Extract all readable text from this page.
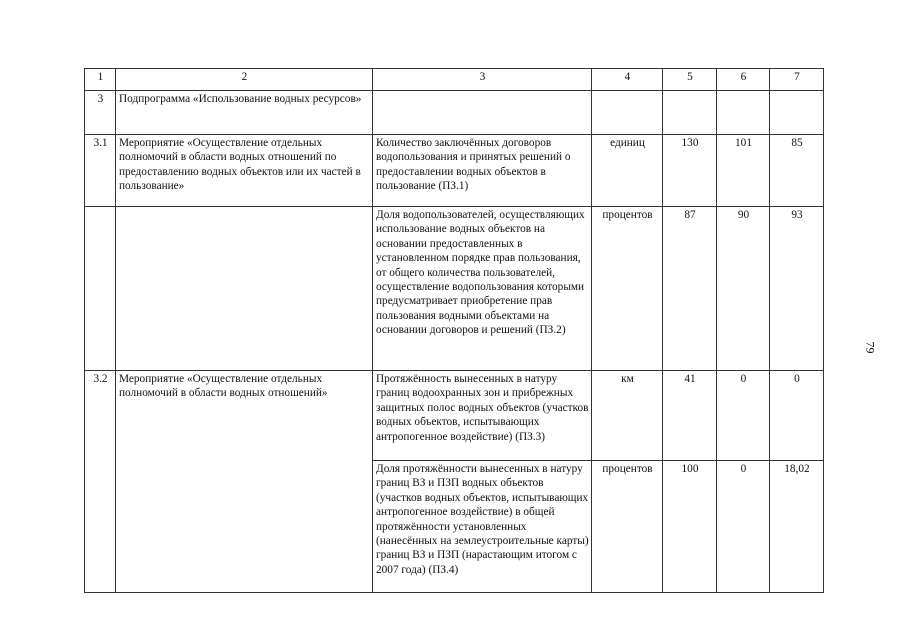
1	2	3	4	5	6	7
3	Подпрограмма «Использование водных ресурсов»					
3.1	Мероприятие «Осуществление отдельных полномочий в области водных отношений по предоставлению водных объектов или их частей в пользование»	Количество заключённых договоров водопользования и принятых решений о предоставлении водных объектов в пользование (ПЗ.1)	единиц	130	101	85
		Доля водопользователей, осуществляющих использование водных объектов на основании предоставленных в установленном порядке прав пользования, от общего количества пользователей, осуществление водопользования которыми предусматривает приобретение прав пользования водными объектами на основании договоров и решений (ПЗ.2)	процентов	87	90	93
3.2	Мероприятие «Осуществление отдельных полномочий в области водных отношений»	Протяжённость вынесенных в натуру границ водоохранных зон и прибрежных защитных полос водных объектов (участков водных объектов, испытывающих антропогенное воздействие) (ПЗ.3)	км	41	0	0
		Доля протяжённости вынесенных в натуру границ ВЗ и ПЗП водных объектов (участков водных объектов, испытывающих антропогенное воздействие) в общей протяжённости установленных (нанесённых на землеустроительные карты) границ ВЗ и ПЗП (нарастающим итогом с 2007 года) (ПЗ.4)	процентов	100	0	18,02
79
